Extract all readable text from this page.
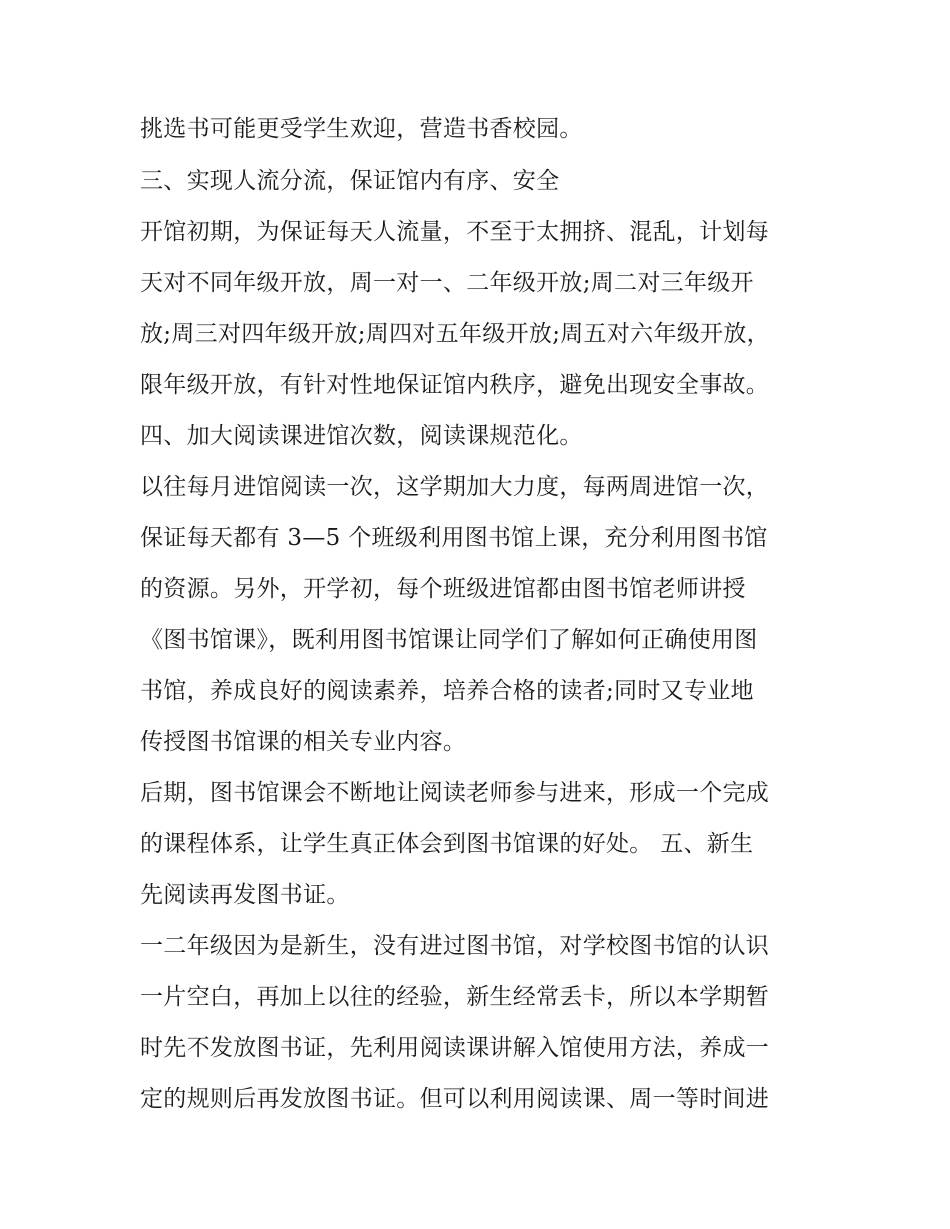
挑选书可能更受学生欢迎，营造书香校园。
三、实现人流分流，保证馆内有序、安全
开馆初期，为保证每天人流量，不至于太拥挤、混乱，计划每
天对不同年级开放，周一对一、二年级开放;周二对三年级开
放;周三对四年级开放;周四对五年级开放;周五对六年级开放，
限年级开放，有针对性地保证馆内秩序，避免出现安全事故。
四、加大阅读课进馆次数，阅读课规范化。
以往每月进馆阅读一次，这学期加大力度，每两周进馆一次，
保证每天都有 3—5 个班级利用图书馆上课，充分利用图书馆
的资源。另外，开学初，每个班级进馆都由图书馆老师讲授
《图书馆课》，既利用图书馆课让同学们了解如何正确使用图
书馆，养成良好的阅读素养，培养合格的读者;同时又专业地
传授图书馆课的相关专业内容。
后期，图书馆课会不断地让阅读老师参与进来，形成一个完成
的课程体系，让学生真正体会到图书馆课的好处。 五、新生
先阅读再发图书证。
一二年级因为是新生，没有进过图书馆，对学校图书馆的认识
一片空白，再加上以往的经验，新生经常丢卡，所以本学期暂
时先不发放图书证，先利用阅读课讲解入馆使用方法，养成一
定的规则后再发放图书证。但可以利用阅读课、周一等时间进
